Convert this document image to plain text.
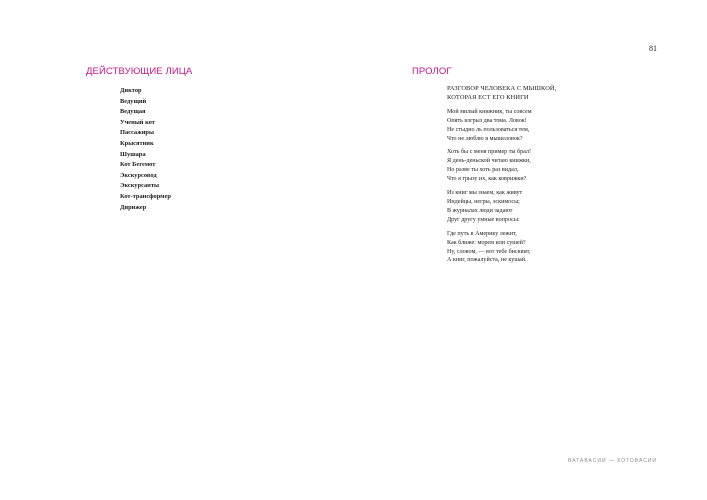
81
ДЕЙСТВУЮЩИЕ ЛИЦА
Диктор
Ведущий
Ведущая
Ученый кот
Пассажиры
Крысятник
Шушара
Кот Бегемот
Экскурсовод
Экскурсанты
Кот-трансформер
Дирижер
ПРОЛОГ
РАЗГОВОР ЧЕЛОВЕКА С МЫШКОЙ,
КОТОРАЯ ЕСТ ЕГО КНИГИ
Мой милый книжник, ты совсем
Опять изгрыз два тома. Ловок!
Не стыдно ль пользоваться тем,
Что не люблю я мышеловок?
Хоть бы с меня пример ты брал!
Я день-деньской читаю книжки,
Но разве ты хоть раз видал,
Что я грызу их, как коврижки?
Из книг мы знаем, как живут
Индейцы, негры, эскимосы;
В журналах люди задают
Друг другу умные вопросы:
Где путь в Америку лежит,
Как ближе: морем или сушей?
Ну, словом, — вот тебе бисквит,
А книг, пожалуйста, не кушай.
ВАТАВАСИИ — КОТОВАСИИ
